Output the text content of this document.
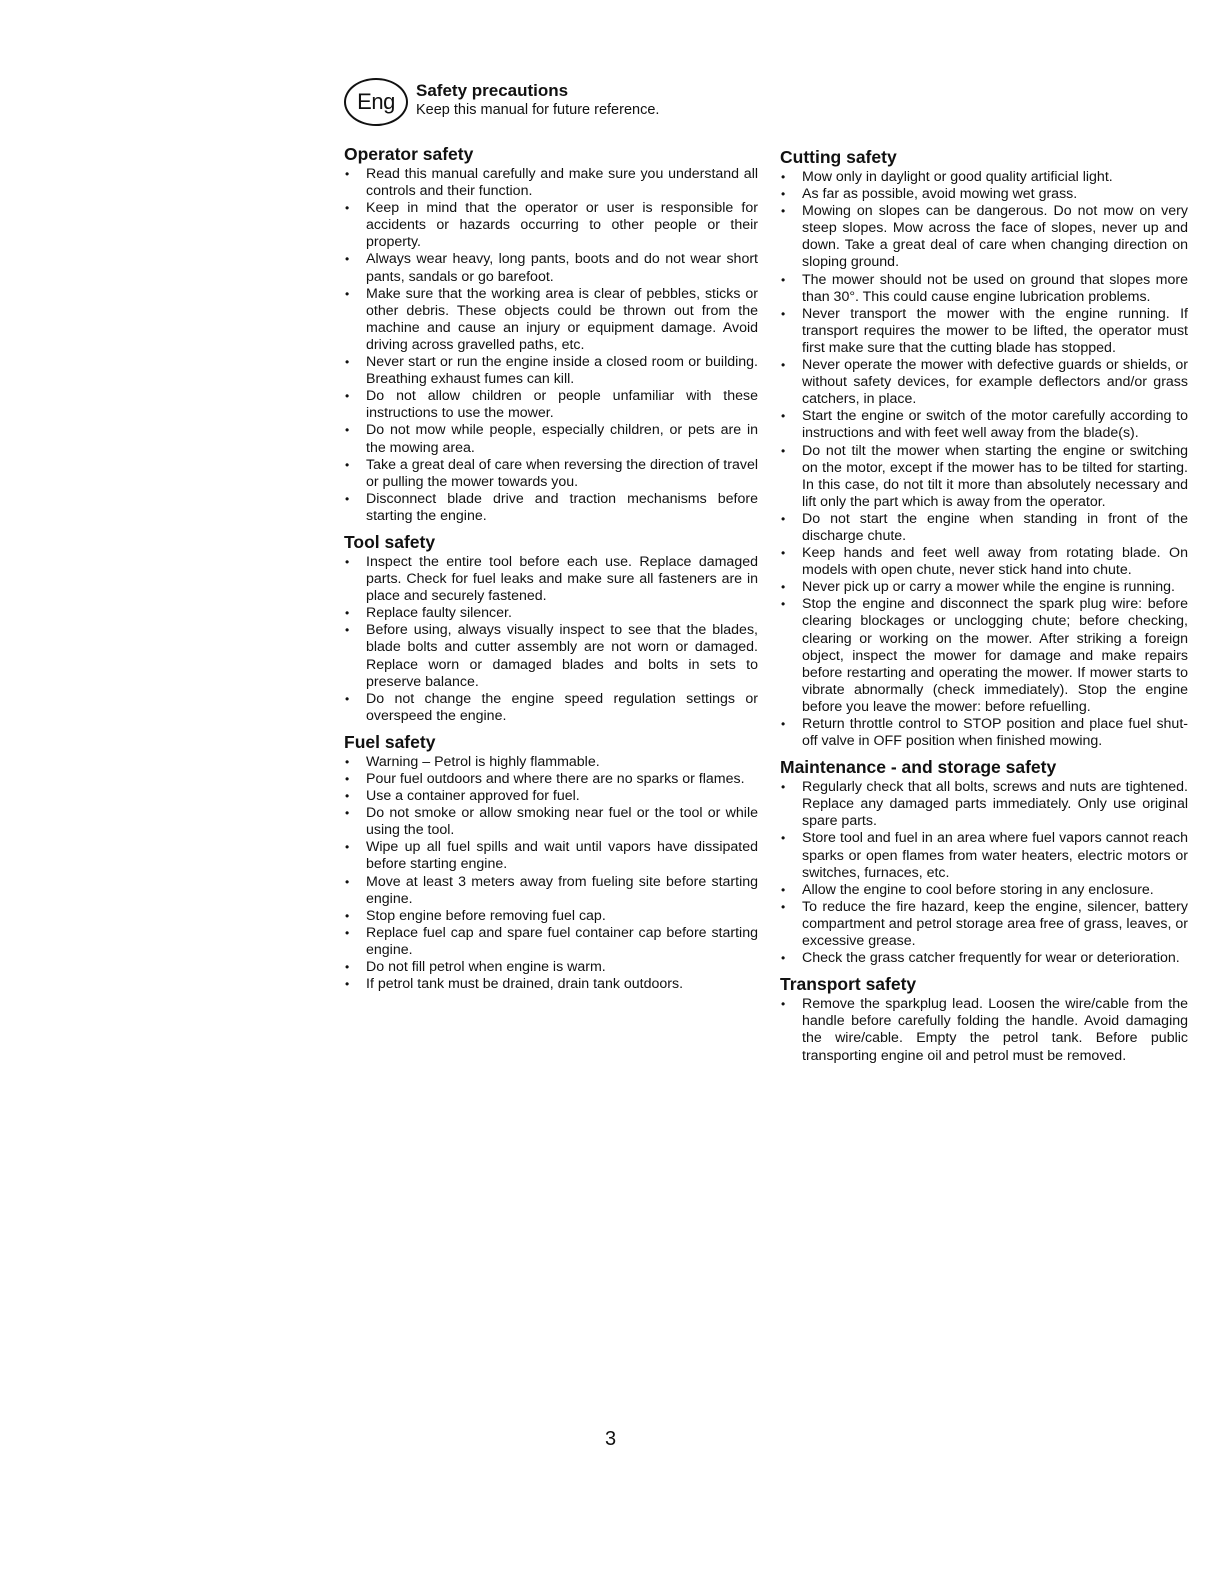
Eng	Safety precautions
Keep this manual for future reference.
Operator safety
• Read this manual carefully and make sure you understand all controls and their function.
• Keep in mind that the operator or user is responsible for accidents or hazards occurring to other people or their property.
• Always wear heavy, long pants, boots and do not wear short pants, sandals or go barefoot.
• Make sure that the working area is clear of pebbles, sticks or other debris. These objects could be thrown out from the machine and cause an injury or equipment damage. Avoid driving across gravelled paths, etc.
• Never start or run the engine inside a closed room or building. Breathing exhaust fumes can kill.
• Do not allow children or people unfamiliar with these instructions to use the mower.
• Do not mow while people, especially children, or pets are in the mowing area.
• Take a great deal of care when reversing the direction of travel or pulling the mower towards you.
• Disconnect blade drive and traction mechanisms before starting the engine.
Tool safety
• Inspect the entire tool before each use. Replace damaged parts. Check for fuel leaks and make sure all fasteners are in place and securely fastened.
• Replace faulty silencer.
• Before using, always visually inspect to see that the blades, blade bolts and cutter assembly are not worn or damaged. Replace worn or damaged blades and bolts in sets to preserve balance.
• Do not change the engine speed regulation settings or overspeed the engine.
Fuel safety
• Warning – Petrol is highly flammable.
• Pour fuel outdoors and where there are no sparks or flames.
• Use a container approved for fuel.
• Do not smoke or allow smoking near fuel or the tool or while using the tool.
• Wipe up all fuel spills and wait until vapors have dissipated before starting engine.
• Move at least 3 meters away from fueling site before starting engine.
• Stop engine before removing fuel cap.
• Replace fuel cap and spare fuel container cap before starting engine.
• Do not fill petrol when engine is warm.
• If petrol tank must be drained, drain tank outdoors.
Cutting safety
• Mow only in daylight or good quality artificial light.
• As far as possible, avoid mowing wet grass.
• Mowing on slopes can be dangerous. Do not mow on very steep slopes. Mow across the face of slopes, never up and down. Take a great deal of care when changing direction on sloping ground.
• The mower should not be used on ground that slopes more than 30°. This could cause engine lubrication problems.
• Never transport the mower with the engine running. If transport requires the mower to be lifted, the operator must first make sure that the cutting blade has stopped.
• Never operate the mower with defective guards or shields, or without safety devices, for example deflectors and/or grass catchers, in place.
• Start the engine or switch of the motor carefully according to instructions and with feet well away from the blade(s).
• Do not tilt the mower when starting the engine or switching on the motor, except if the mower has to be tilted for starting. In this case, do not tilt it more than absolutely necessary and lift only the part which is away from the operator.
• Do not start the engine when standing in front of the discharge chute.
• Keep hands and feet well away from rotating blade. On models with open chute, never stick hand into chute.
• Never pick up or carry a mower while the engine is running.
• Stop the engine and disconnect the spark plug wire: before clearing blockages or unclogging chute; before checking, clearing or working on the mower. After striking a foreign object, inspect the mower for damage and make repairs before restarting and operating the mower. If mower starts to vibrate abnormally (check immediately). Stop the engine before you leave the mower: before refuelling.
• Return throttle control to STOP position and place fuel shut-off valve in OFF position when finished mowing.
Maintenance - and storage safety
• Regularly check that all bolts, screws and nuts are tightened. Replace any damaged parts immediately. Only use original spare parts.
• Store tool and fuel in an area where fuel vapors cannot reach sparks or open flames from water heaters, electric motors or switches, furnaces, etc.
• Allow the engine to cool before storing in any enclosure.
• To reduce the fire hazard, keep the engine, silencer, battery compartment and petrol storage area free of grass, leaves, or excessive grease.
• Check the grass catcher frequently for wear or deterioration.
Transport safety
• Remove the sparkplug lead. Loosen the wire/cable from the handle before carefully folding the handle. Avoid damaging the wire/cable. Empty the petrol tank. Before public transporting engine oil and petrol must be removed.
3
